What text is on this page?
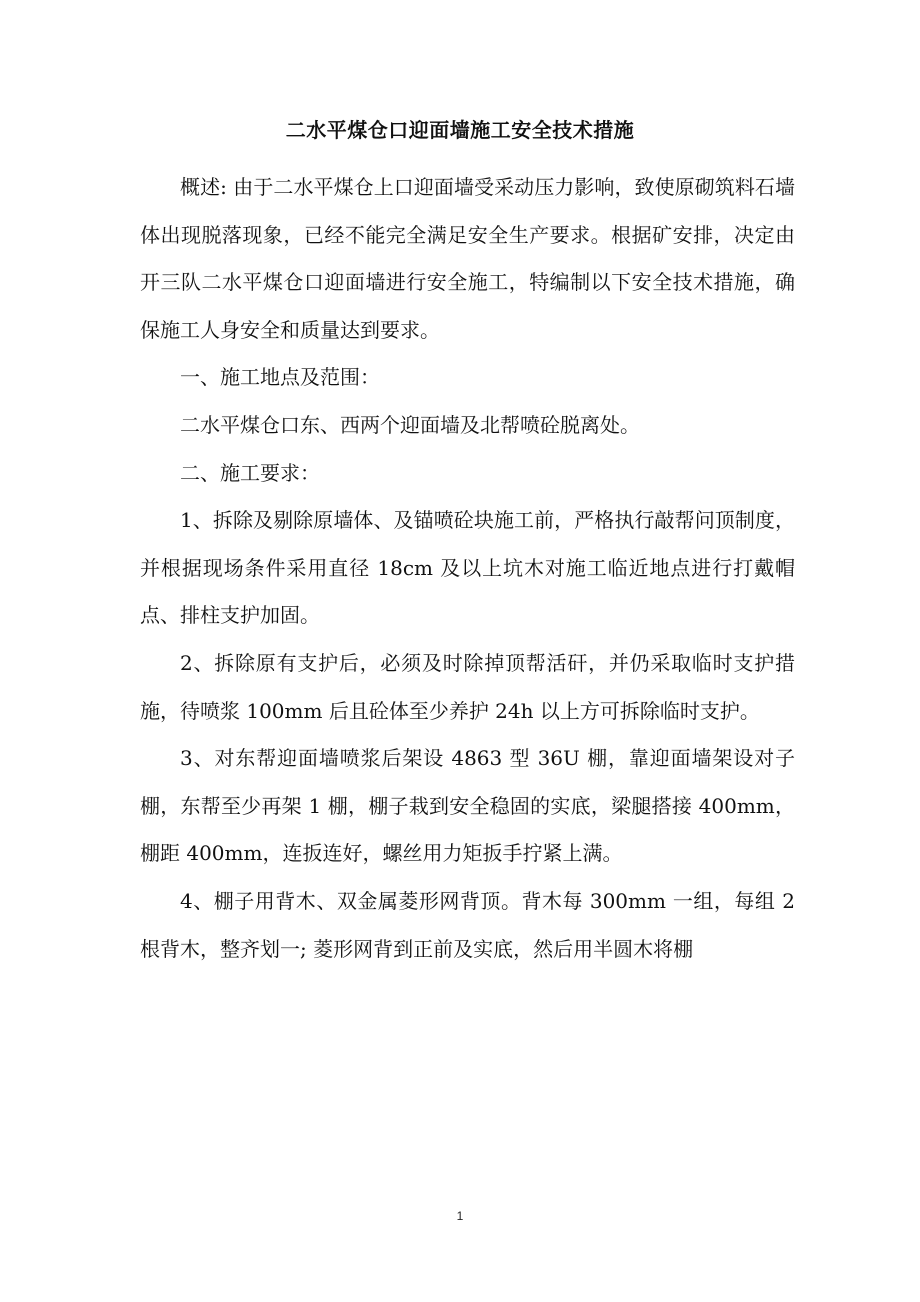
二水平煤仓口迎面墙施工安全技术措施

概述: 由于二水平煤仓上口迎面墙受采动压力影响，致使原砌筑料石墙体出现脱落现象，已经不能完全满足安全生产要求。根据矿安排，决定由开三队二水平煤仓口迎面墙进行安全施工，特编制以下安全技术措施，确保施工人身安全和质量达到要求。

一、施工地点及范围：

二水平煤仓口东、西两个迎面墙及北帮喷砼脱离处。

二、施工要求：

1、拆除及剔除原墙体、及锚喷砼块施工前，严格执行敲帮问顶制度，并根据现场条件采用直径 18cm 及以上坑木对施工临近地点进行打戴帽点、排柱支护加固。

2、拆除原有支护后，必须及时除掉顶帮活矸，并仍采取临时支护措施，待喷浆 100mm 后且砼体至少养护 24h 以上方可拆除临时支护。

3、对东帮迎面墙喷浆后架设 4863 型 36U 棚，靠迎面墙架设对子棚，东帮至少再架 1 棚，棚子栽到安全稳固的实底，梁腿搭接 400mm，棚距 400mm，连扳连好，螺丝用力矩扳手拧紧上满。

4、棚子用背木、双金属菱形网背顶。背木每 300mm 一组，每组 2 根背木，整齐划一; 菱形网背到正前及实底，然后用半圆木将棚

1
